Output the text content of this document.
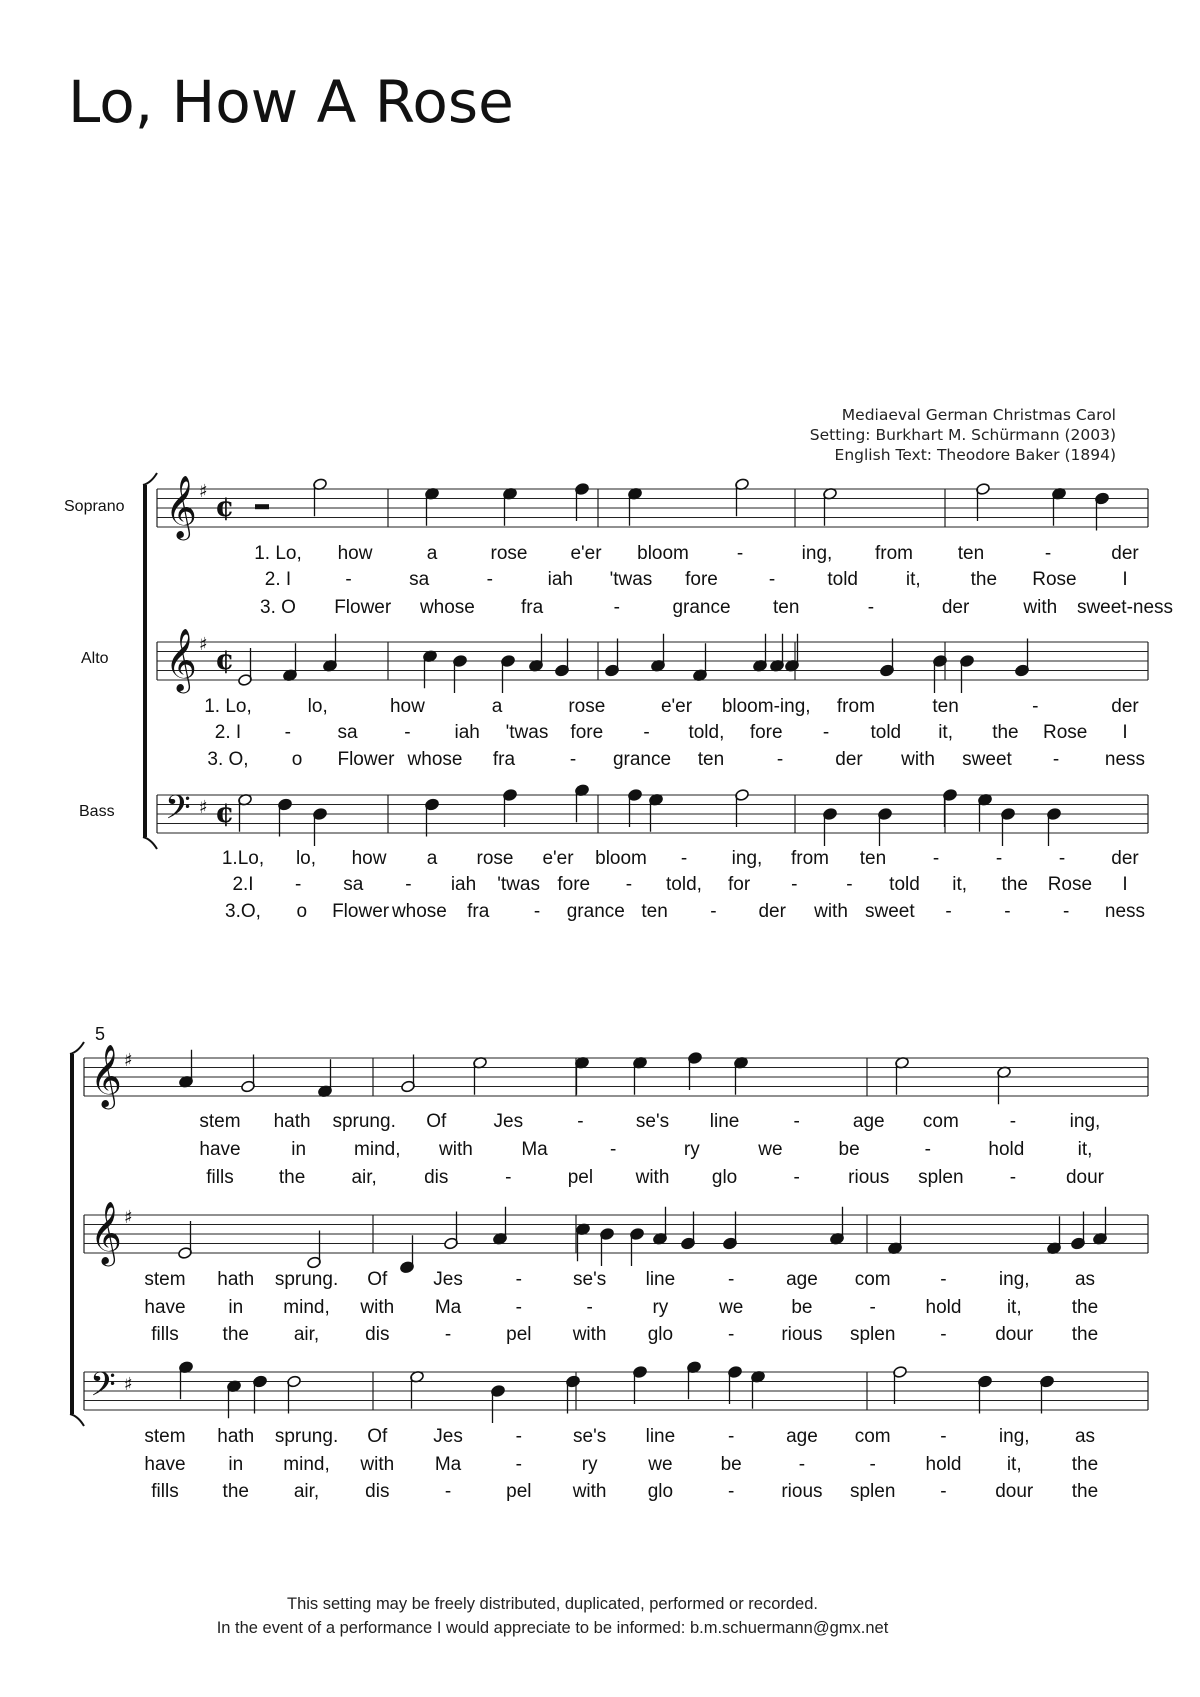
Lo, How A Rose
Mediaeval German Christmas Carol
Setting: Burkhart M. Schürmann (2003)
English Text: Theodore Baker (1894)
Soprano
Alto
Bass
𝄞 ♯ ¢
𝄞 ♯ ¢
𝄢 ♯ ¢
𝄞 ♯
𝄞 ♯
𝄢 ♯
5
1. Lo, how	a	rose e'er bloom	-	ing, from ten	-	der
2. I	-	sa	-	iah 'twas fore	-	told	it,	the Rose I
3. O Flower whose fra	-	grance ten	-	der	with sweet-ness
1. Lo,	lo,	how	a	rose	e'er bloom-ing, from	ten	-	der
2. I - sa - iah 'twas fore - told, fore - told it, the Rose I
3. O, o Flower whose fra	- grance ten	-	der with sweet - ness
1.Lo, lo, how a rose e'er bloom - ing, from ten -	-	- der
2.I - sa - iah 'twas fore - told, for -	- told it, the Rose I
3.O, o Flower whose fra - grance ten - der with sweet -	-	- ness
stem hath sprung. Of Jes	-	se's line	-	age com	-	ing,
have	in	mind, with	Ma	-	ry	we	be	-	hold	it,
fills the air, dis	-	pel with glo	-	rious splen -	dour
stem hath sprung. Of Jes	-	se's line	-	age com	-	ing, as
have in mind, with Ma	-	-	ry	we	be	-	hold it,	the
fills the air, dis	-	pel with glo	- rious splen -	dour the
stem hath sprung. Of Jes	-	se's line	-	age com	-	ing, as
have in mind, with Ma	-	ry	we	be	-	-	hold it,	the
fills the air, dis	-	pel with glo	- rious splen -	dour the
This setting may be freely distributed, duplicated, performed or recorded.
In the event of a performance I would appreciate to be informed: b.m.schuermann@gmx.net
